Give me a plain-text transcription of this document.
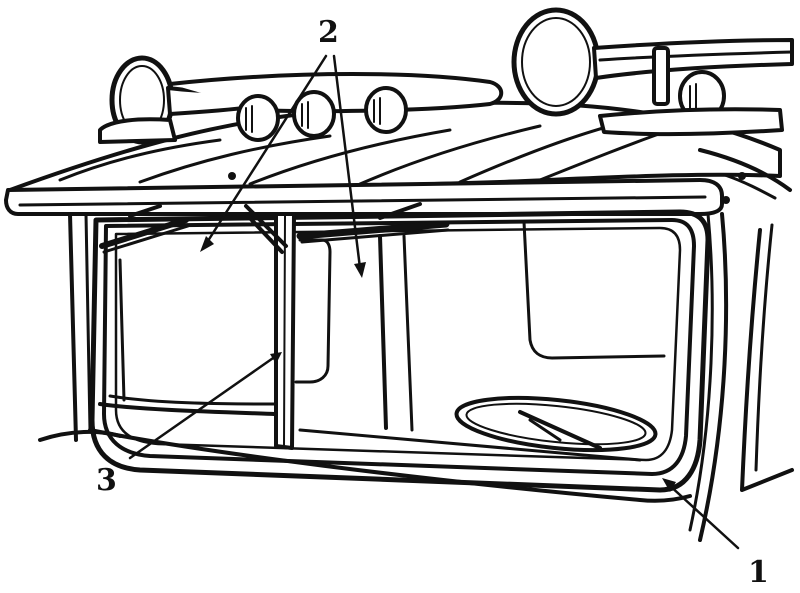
2
3
1
